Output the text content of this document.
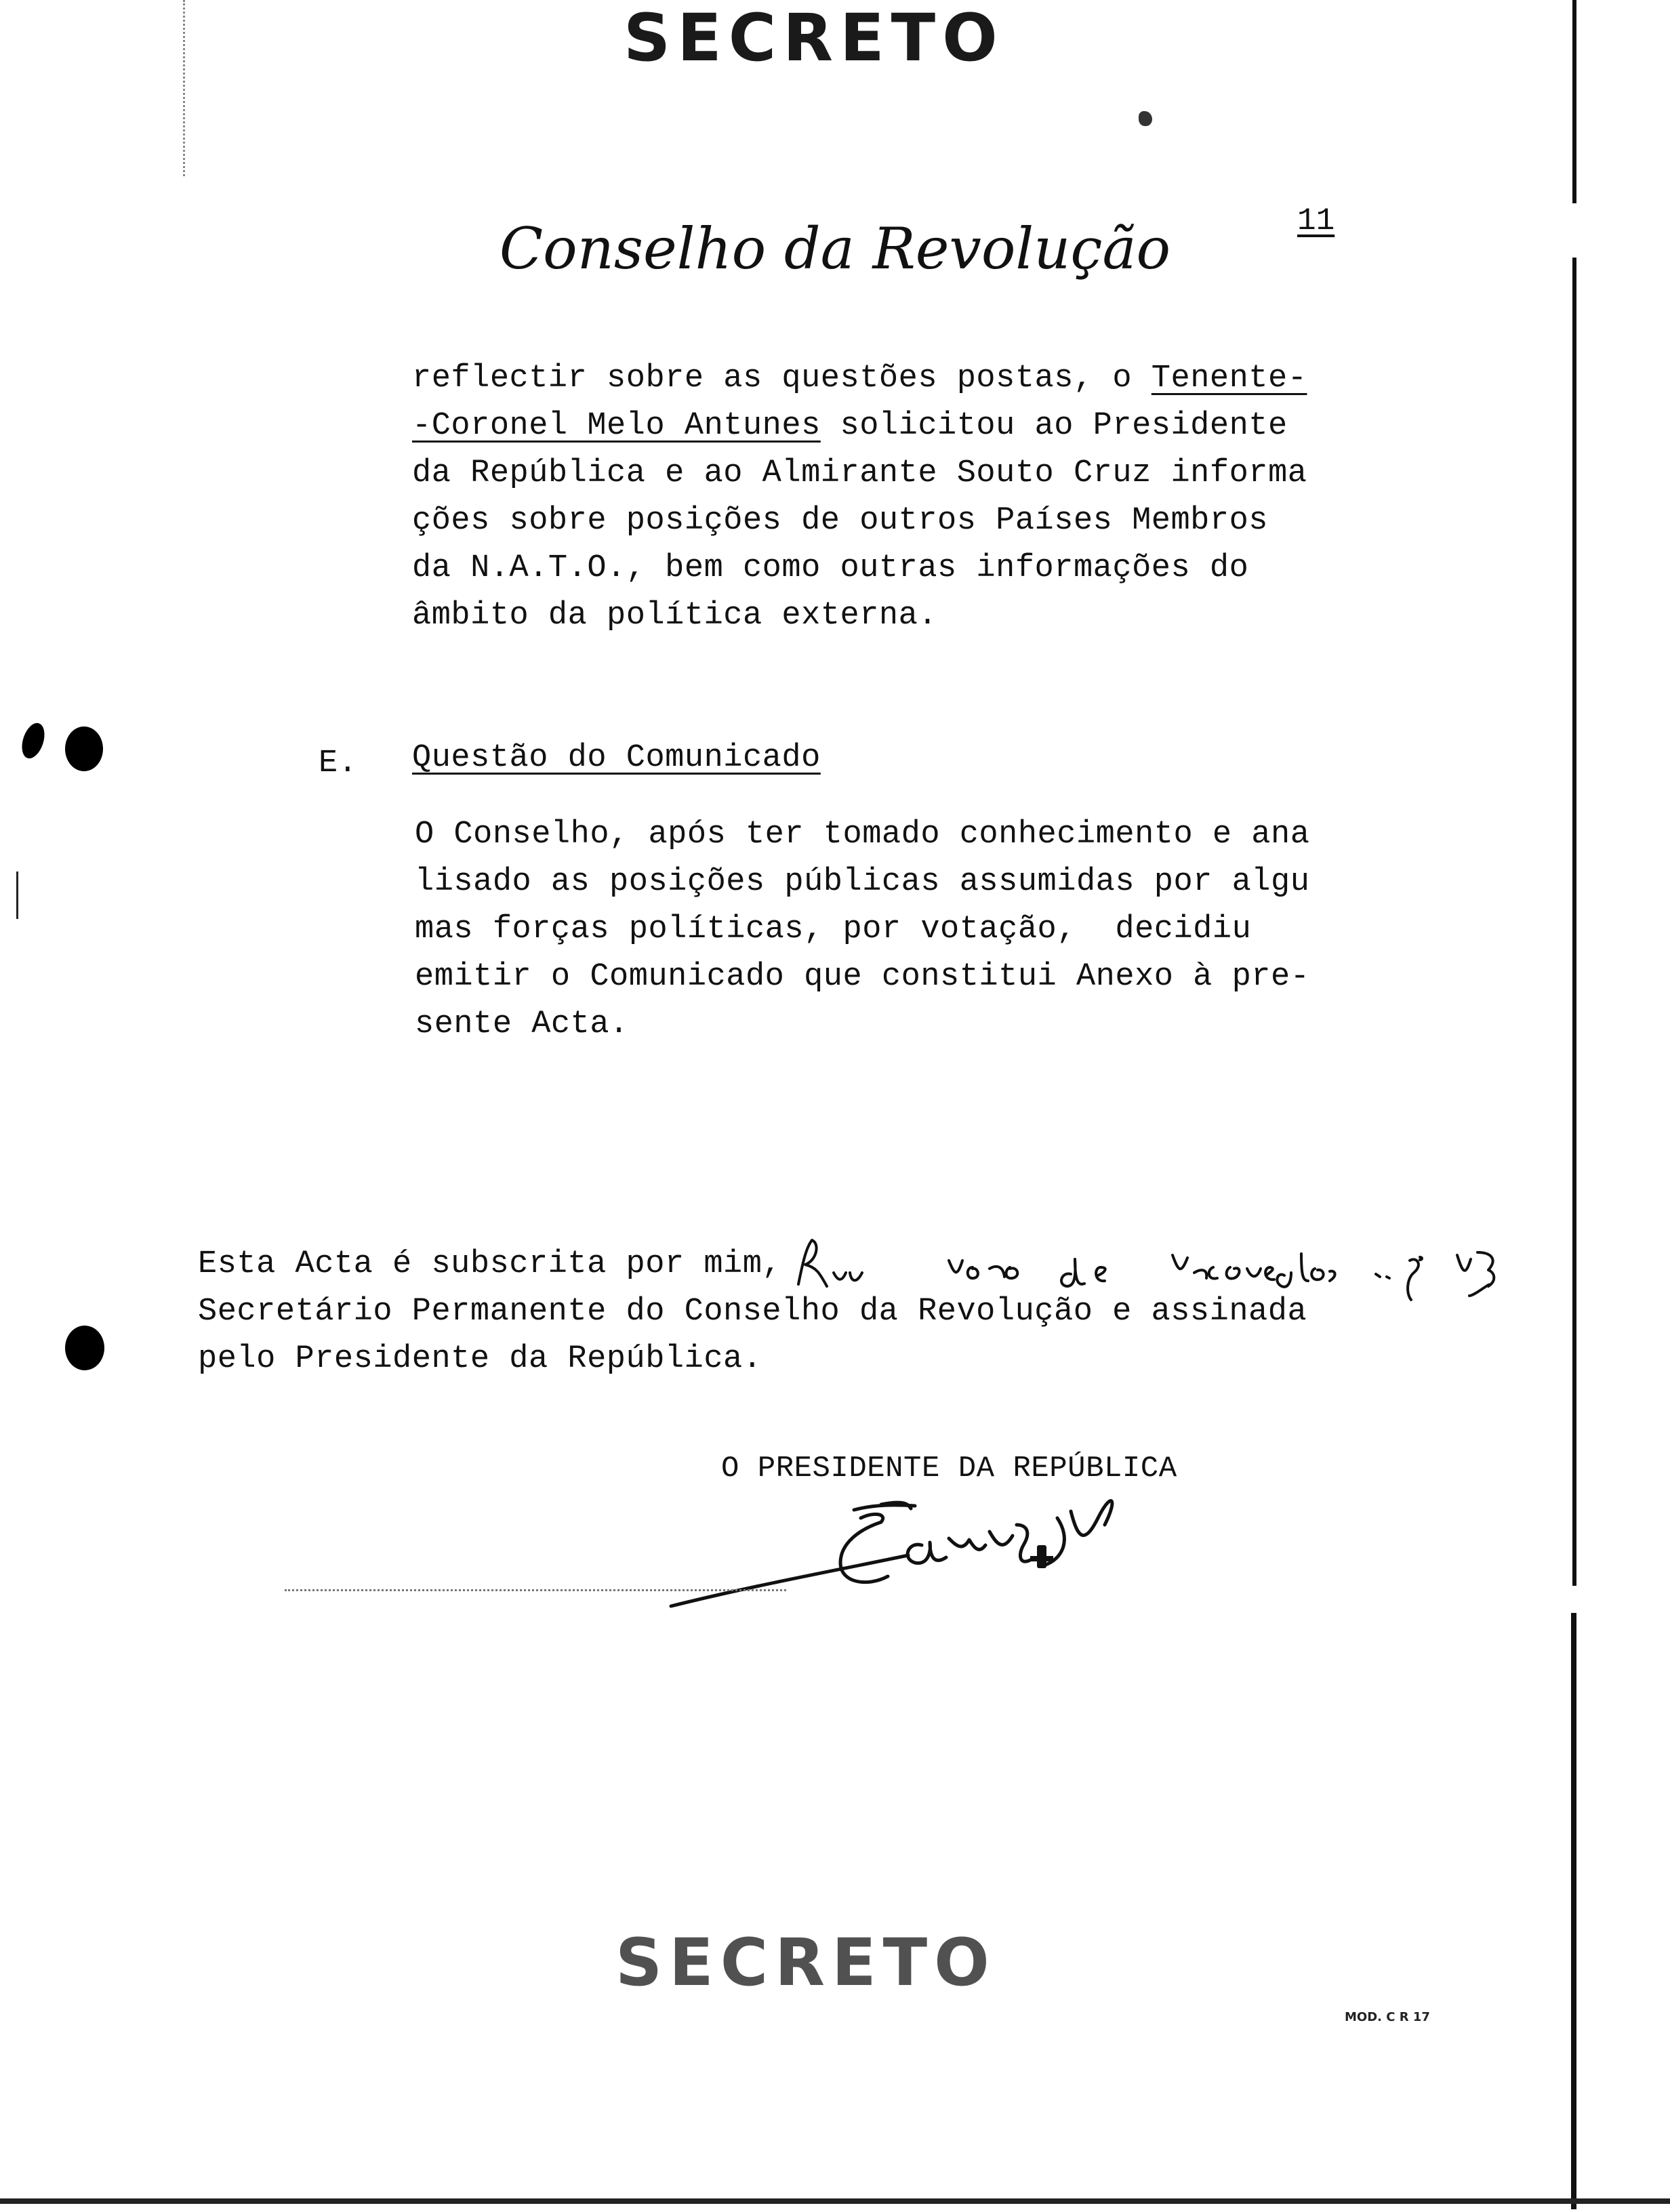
SECRETO
11
Conselho da Revolução
reflectir sobre as questões postas, o Tenente-
-Coronel Melo Antunes solicitou ao Presidente
da República e ao Almirante Souto Cruz informa
ções sobre posições de outros Países Membros
da N.A.T.O., bem como outras informações do
âmbito da política externa.
E. Questão do Comunicado
O Conselho, após ter tomado conhecimento e ana
lisado as posições públicas assumidas por algu
mas forças políticas, por votação,  decidiu
emitir o Comunicado que constitui Anexo à pre-
sente Acta.
Esta Acta é subscrita por mim,
Secretário Permanente do Conselho da Revolução e assinada
pelo Presidente da República.
O PRESIDENTE DA REPÚBLICA
SECRETO
MOD. C R 17
